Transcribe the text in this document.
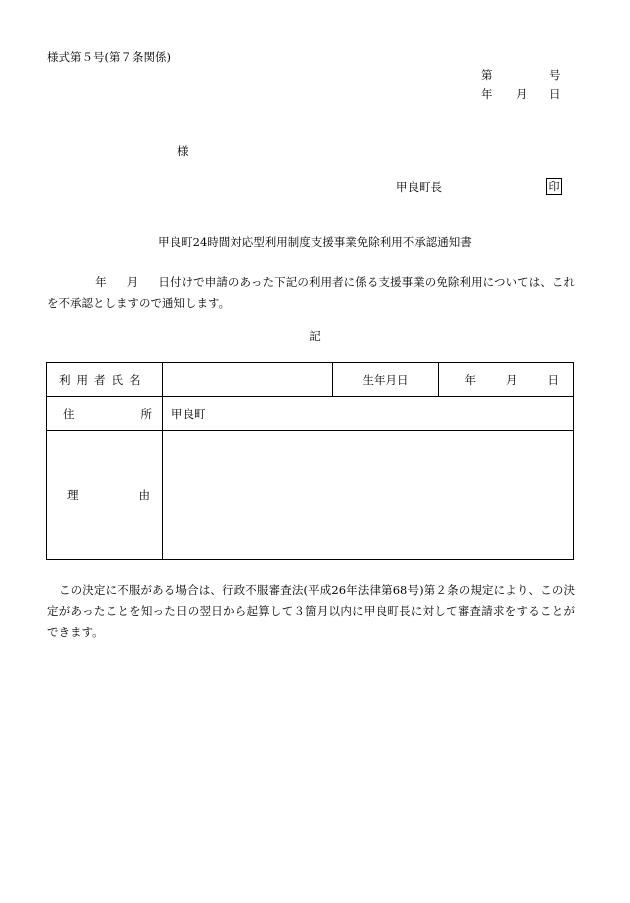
様式第５号(第７条関係)
第	号
年 月 日
様
甲良町長	印
甲良町24時間対応型利用制度支援事業免除利用不承認通知書
年 月 日付けで申請のあった下記の利用者に係る支援事業の免除利用については、これを不承認としますので通知します。
記
利用者氏名		生年月日	年 月 日

住 所	甲良町		

理 由			

この決定に不服がある場合は、行政不服審査法(平成26年法律第68号)第２条の規定により、この決定があったことを知った日の翌日から起算して３箇月以内に甲良町長に対して審査請求をすることができます。
